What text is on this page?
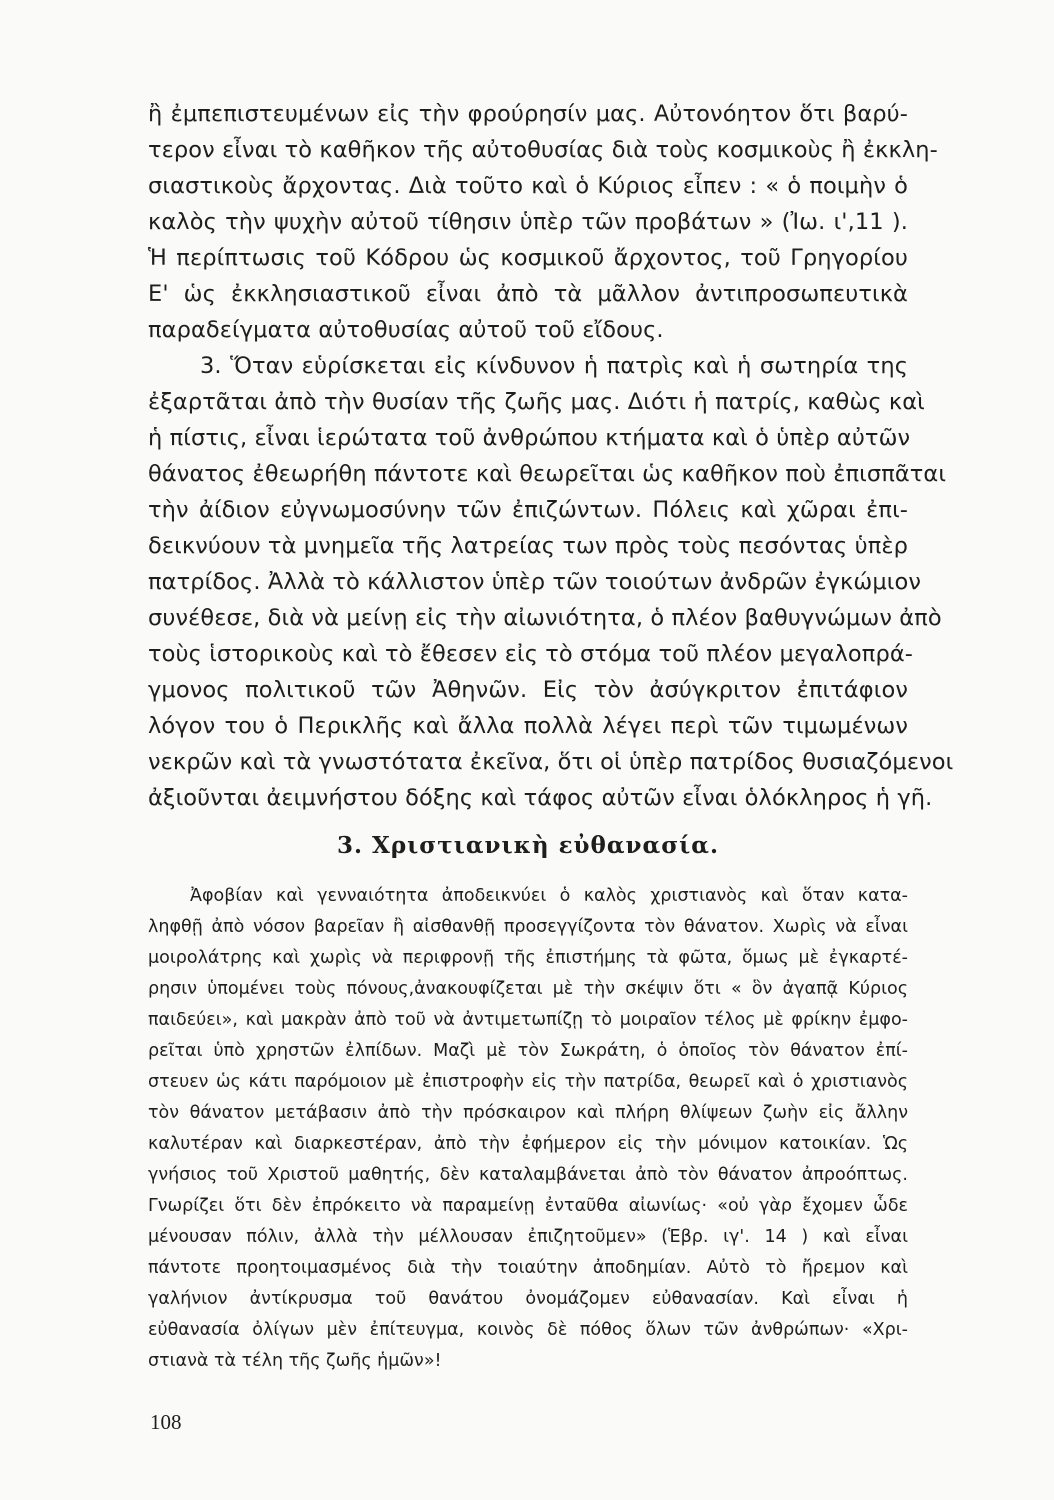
ἢ ἐμπεπιστευμένων εἰς τὴν φρούρησίν μας. Αὐτονόητον ὅτι βαρύ-
τερον εἶναι τὸ καθῆκον τῆς αὐτοθυσίας διὰ τοὺς κοσμικοὺς ἢ ἐκκλη-
σιαστικοὺς ἄρχοντας. Διὰ τοῦτο καὶ ὁ Κύριος εἶπεν : « ὁ ποιμὴν ὁ
καλὸς τὴν ψυχὴν αὐτοῦ τίθησιν ὑπὲρ τῶν προβάτων » (Ἰω. ι',11 ).
Ἡ περίπτωσις τοῦ Κόδρου ὡς κοσμικοῦ ἄρχοντος, τοῦ Γρηγορίου
Ε' ὡς ἐκκλησιαστικοῦ εἶναι ἀπὸ τὰ μᾶλλον ἀντιπροσωπευτικὰ
παραδείγματα αὐτοθυσίας αὐτοῦ τοῦ εἴδους.
3. Ὅταν εὑρίσκεται εἰς κίνδυνον ἡ πατρὶς καὶ ἡ σωτηρία της
ἐξαρτᾶται ἀπὸ τὴν θυσίαν τῆς ζωῆς μας. Διότι ἡ πατρίς, καθὼς καὶ
ἡ πίστις, εἶναι ἱερώτατα τοῦ ἀνθρώπου κτήματα καὶ ὁ ὑπὲρ αὐτῶν
θάνατος ἐθεωρήθη πάντοτε καὶ θεωρεῖται ὡς καθῆκον ποὺ ἐπισπᾶται
τὴν ἀίδιον εὐγνωμοσύνην τῶν ἐπιζώντων. Πόλεις καὶ χῶραι ἐπι-
δεικνύουν τὰ μνημεῖα τῆς λατρείας των πρὸς τοὺς πεσόντας ὑπὲρ
πατρίδος. Ἀλλὰ τὸ κάλλιστον ὑπὲρ τῶν τοιούτων ἀνδρῶν ἐγκώμιον
συνέθεσε, διὰ νὰ μείνῃ εἰς τὴν αἰωνιότητα, ὁ πλέον βαθυγνώμων ἀπὸ
τοὺς ἱστορικοὺς καὶ τὸ ἔθεσεν εἰς τὸ στόμα τοῦ πλέον μεγαλοπρά-
γμονος πολιτικοῦ τῶν Ἀθηνῶν. Εἰς τὸν ἀσύγκριτον ἐπιτάφιον
λόγον του ὁ Περικλῆς καὶ ἄλλα πολλὰ λέγει περὶ τῶν τιμωμένων
νεκρῶν καὶ τὰ γνωστότατα ἐκεῖνα, ὅτι οἱ ὑπὲρ πατρίδος θυσιαζόμενοι
ἀξιοῦνται ἀειμνήστου δόξης καὶ τάφος αὐτῶν εἶναι ὁλόκληρος ἡ γῆ.
3. Χριστιανικὴ εὐθανασία.
Ἀφοβίαν καὶ γενναιότητα ἀποδεικνύει ὁ καλὸς χριστιανὸς καὶ ὅταν κατα-
ληφθῇ ἀπὸ νόσον βαρεῖαν ἢ αἰσθανθῇ προσεγγίζοντα τὸν θάνατον. Χωρὶς νὰ εἶναι
μοιρολάτρης καὶ χωρὶς νὰ περιφρονῇ τῆς ἐπιστήμης τὰ φῶτα, ὅμως μὲ ἐγκαρτέ-
ρησιν ὑπομένει τοὺς πόνους,ἀνακουφίζεται μὲ τὴν σκέψιν ὅτι « ὃν ἀγαπᾷ Κύριος
παιδεύει», καὶ μακρὰν ἀπὸ τοῦ νὰ ἀντιμετωπίζῃ τὸ μοιραῖον τέλος μὲ φρίκην ἐμφο-
ρεῖται ὑπὸ χρηστῶν ἐλπίδων. Μαζὶ μὲ τὸν Σωκράτη, ὁ ὁποῖος τὸν θάνατον ἐπί-
στευεν ὡς κάτι παρόμοιον μὲ ἐπιστροφὴν εἰς τὴν πατρίδα, θεωρεῖ καὶ ὁ χριστιανὸς
τὸν θάνατον μετάβασιν ἀπὸ τὴν πρόσκαιρον καὶ πλήρη θλίψεων ζωὴν εἰς ἄλλην
καλυτέραν καὶ διαρκεστέραν, ἀπὸ τὴν ἐφήμερον εἰς τὴν μόνιμον κατοικίαν. Ὡς
γνήσιος τοῦ Χριστοῦ μαθητής, δὲν καταλαμβάνεται ἀπὸ τὸν θάνατον ἀπροόπτως.
Γνωρίζει ὅτι δὲν ἐπρόκειτο νὰ παραμείνῃ ἐνταῦθα αἰωνίως· «οὐ γὰρ ἔχομεν ὧδε
μένουσαν πόλιν, ἀλλὰ τὴν μέλλουσαν ἐπιζητοῦμεν» (Ἑβρ. ιγ'. 14 ) καὶ εἶναι
πάντοτε προητοιμασμένος διὰ τὴν τοιαύτην ἀποδημίαν. Αὐτὸ τὸ ἤρεμον καὶ
γαλήνιον ἀντίκρυσμα τοῦ θανάτου ὀνομάζομεν εὐθανασίαν. Καὶ εἶναι ἡ
εὐθανασία ὀλίγων μὲν ἐπίτευγμα, κοινὸς δὲ πόθος ὅλων τῶν ἀνθρώπων· «Χρι-
στιανὰ τὰ τέλη τῆς ζωῆς ἡμῶν»!
108
